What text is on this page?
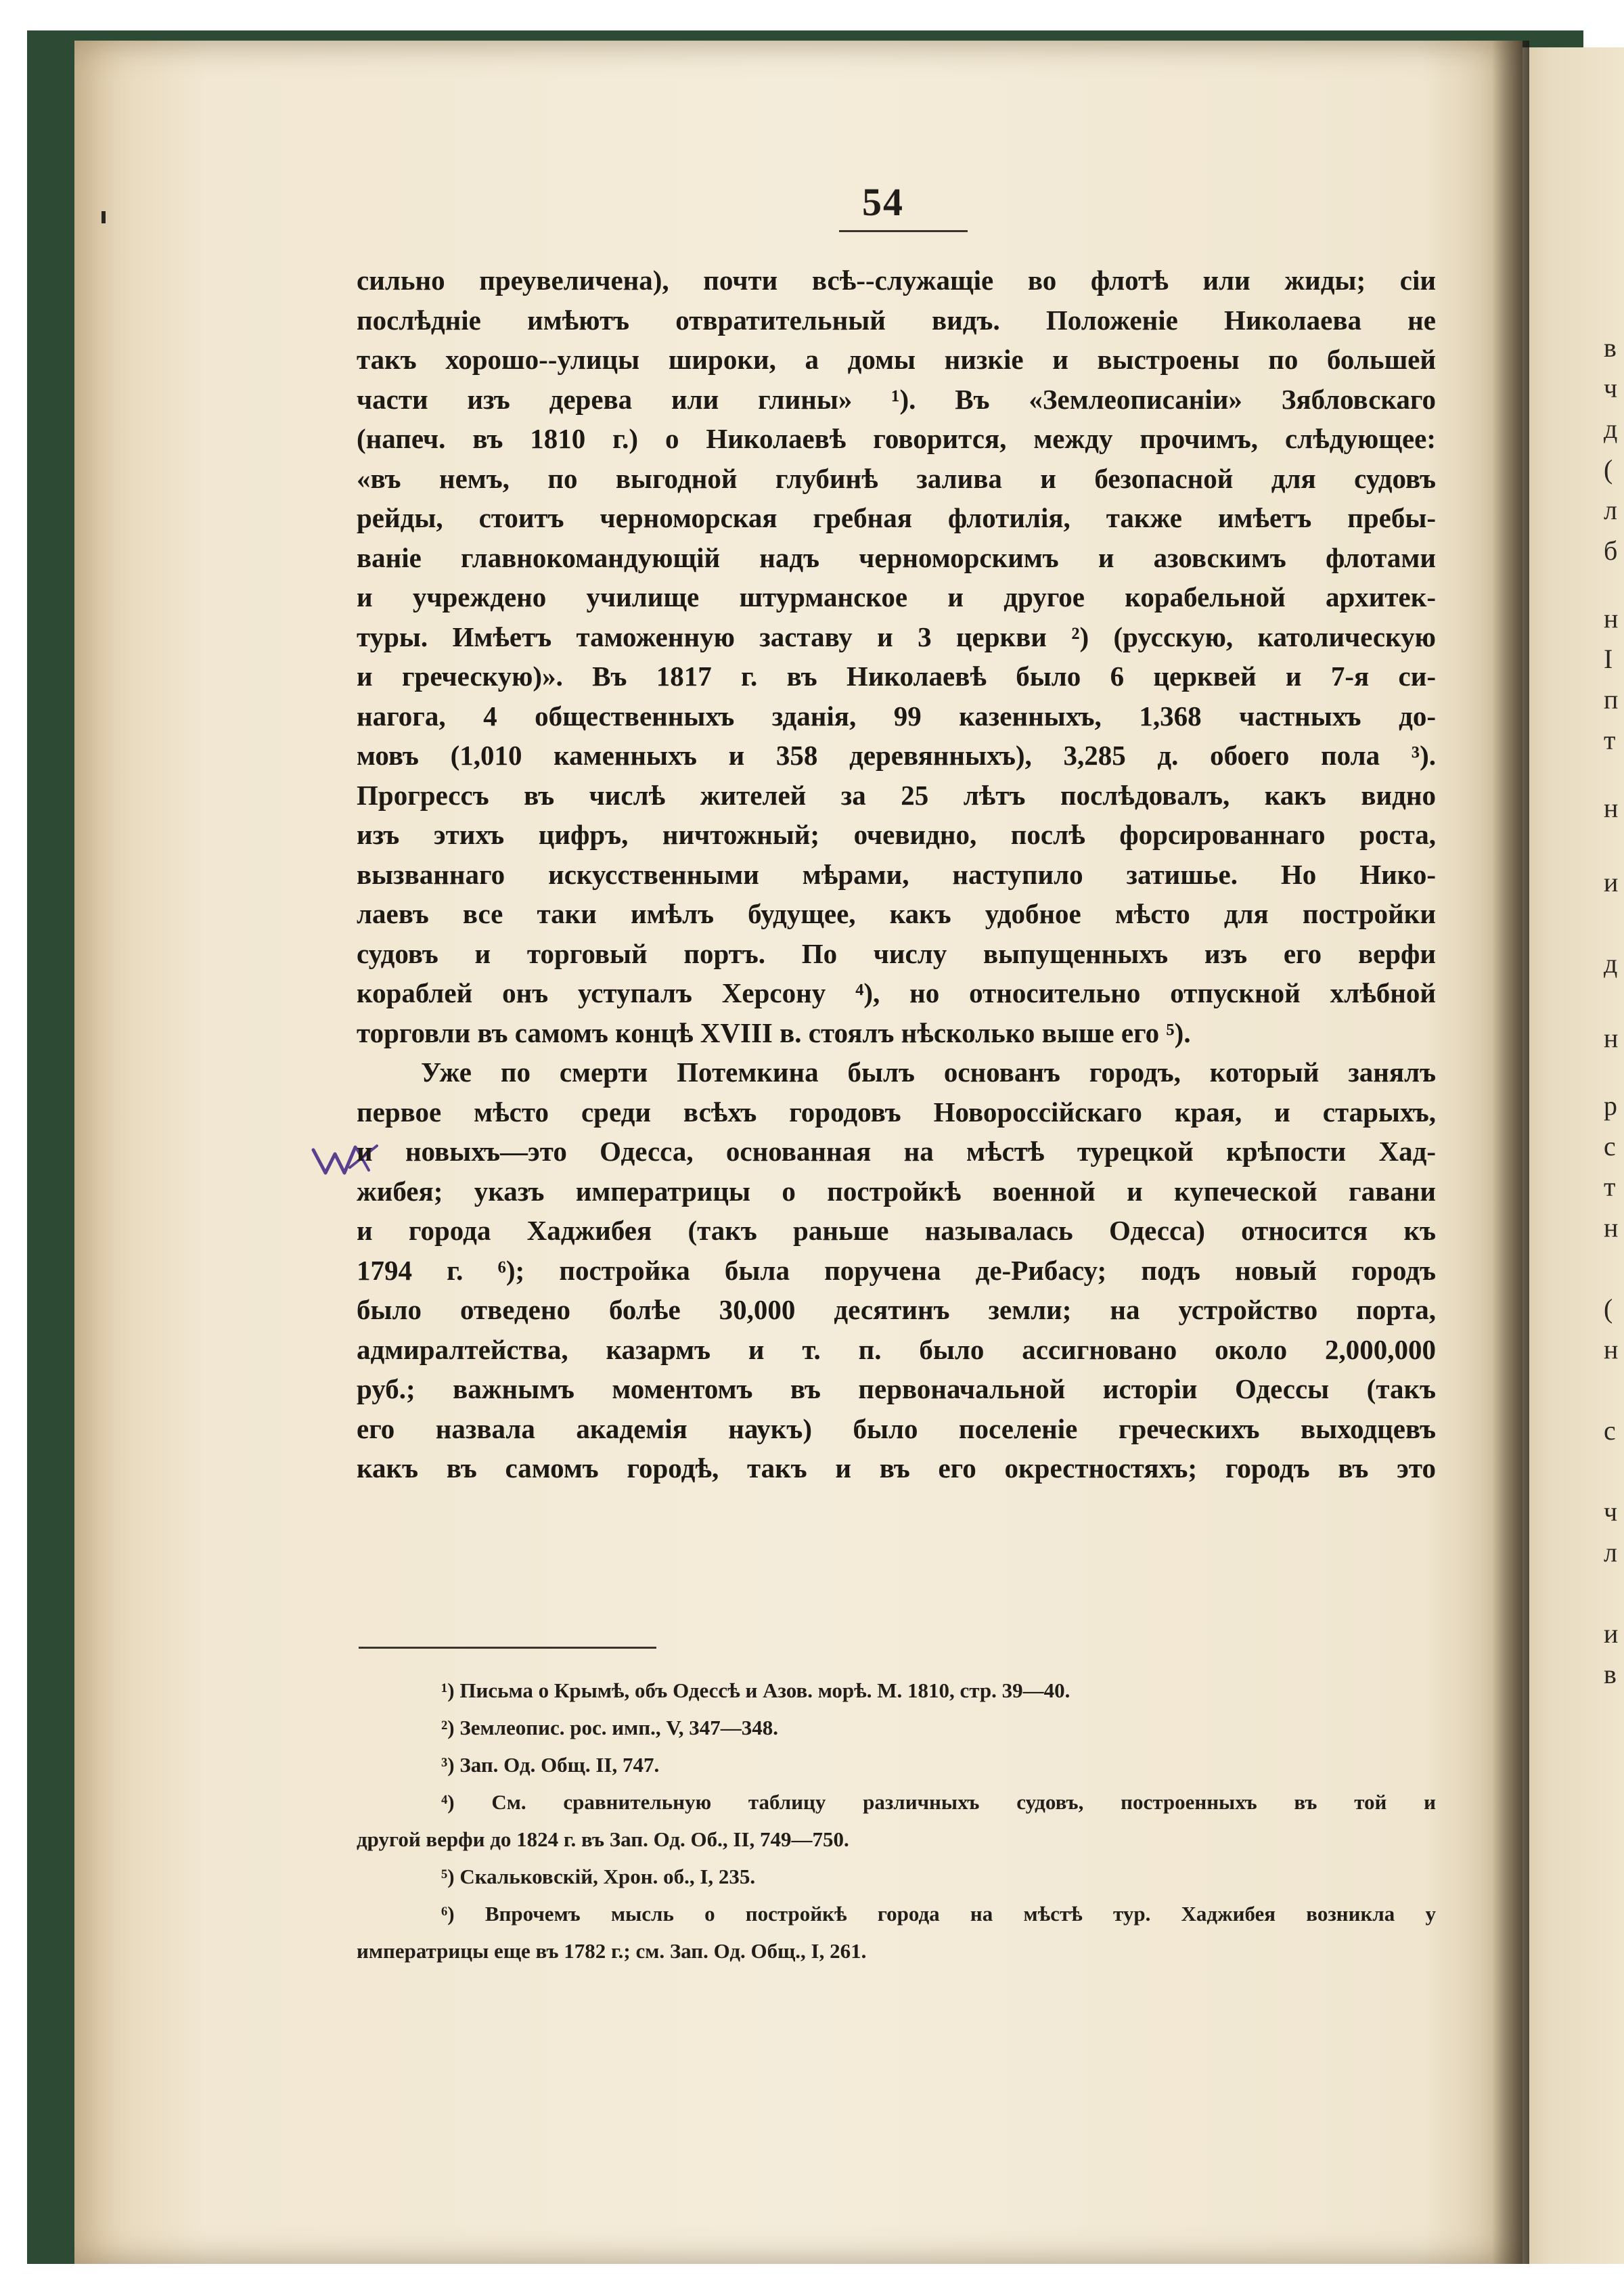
в
ч
д
(
л
б
н
І
п
т
н
и
д
н
р
с
т
н
(
н
с
ч
л
и
в
54
сильно преувеличена), почти всѣ--служащіе во флотѣ или жиды; сіи
послѣдніе имѣютъ отвратительный видъ. Положеніе Николаева не
такъ хорошо--улицы широки, а домы низкіе и выстроены по большей
части изъ дерева или глины» ¹). Въ «Землеописаніи» Зябловскаго
(напеч. въ 1810 г.) о Николаевѣ говорится, между прочимъ, слѣдующее:
«въ немъ, по выгодной глубинѣ залива и безопасной для судовъ
рейды, стоитъ черноморская гребная флотилія, также имѣетъ пребы-
ваніе главнокомандующій надъ черноморскимъ и азовскимъ флотами
и учреждено училище штурманское и другое корабельной архитек-
туры. Имѣетъ таможенную заставу и 3 церкви ²) (русскую, католическую
и греческую)». Въ 1817 г. въ Николаевѣ было 6 церквей и 7-я си-
нагога, 4 общественныхъ зданія, 99 казенныхъ, 1,368 частныхъ до-
мовъ (1,010 каменныхъ и 358 деревянныхъ), 3,285 д. обоего пола ³).
Прогрессъ въ числѣ жителей за 25 лѣтъ послѣдовалъ, какъ видно
изъ этихъ цифръ, ничтожный; очевидно, послѣ форсированнаго роста,
вызваннаго искусственными мѣрами, наступило затишье. Но Нико-
лаевъ все таки имѣлъ будущее, какъ удобное мѣсто для постройки
судовъ и торговый портъ. По числу выпущенныхъ изъ его верфи
кораблей онъ уступалъ Херсону ⁴), но относительно отпускной хлѣбной
торговли въ самомъ концѣ XVIII в. стоялъ нѣсколько выше его ⁵).
Уже по смерти Потемкина былъ основанъ городъ, который занялъ
первое мѣсто среди всѣхъ городовъ Новороссійскаго края, и старыхъ,
и новыхъ—это Одесса, основанная на мѣстѣ турецкой крѣпости Хад-
жибея; указъ императрицы о постройкѣ военной и купеческой гавани
и города Хаджибея (такъ раньше называлась Одесса) относится къ
1794 г. ⁶); постройка была поручена де-Рибасу; подъ новый городъ
было отведено болѣе 30,000 десятинъ земли; на устройство порта,
адмиралтейства, казармъ и т. п. было ассигновано около 2,000,000
руб.; важнымъ моментомъ въ первоначальной исторіи Одессы (такъ
его назвала академія наукъ) было поселеніе греческихъ выходцевъ
какъ въ самомъ городѣ, такъ и въ его окрестностяхъ; городъ въ это
¹) Письма о Крымѣ, объ Одессѣ и Азов. морѣ. М. 1810, стр. 39—40.
²) Землеопис. рос. имп., V, 347—348.
³) Зап. Од. Общ. II, 747.
⁴) См. сравнительную таблицу различныхъ судовъ, построенныхъ въ той и
другой верфи до 1824 г. въ Зап. Од. Об., II, 749—750.
⁵) Скальковскій, Хрон. об., I, 235.
⁶) Впрочемъ мысль о постройкѣ города на мѣстѣ тур. Хаджибея возникла у
императрицы еще въ 1782 г.; см. Зап. Од. Общ., I, 261.
